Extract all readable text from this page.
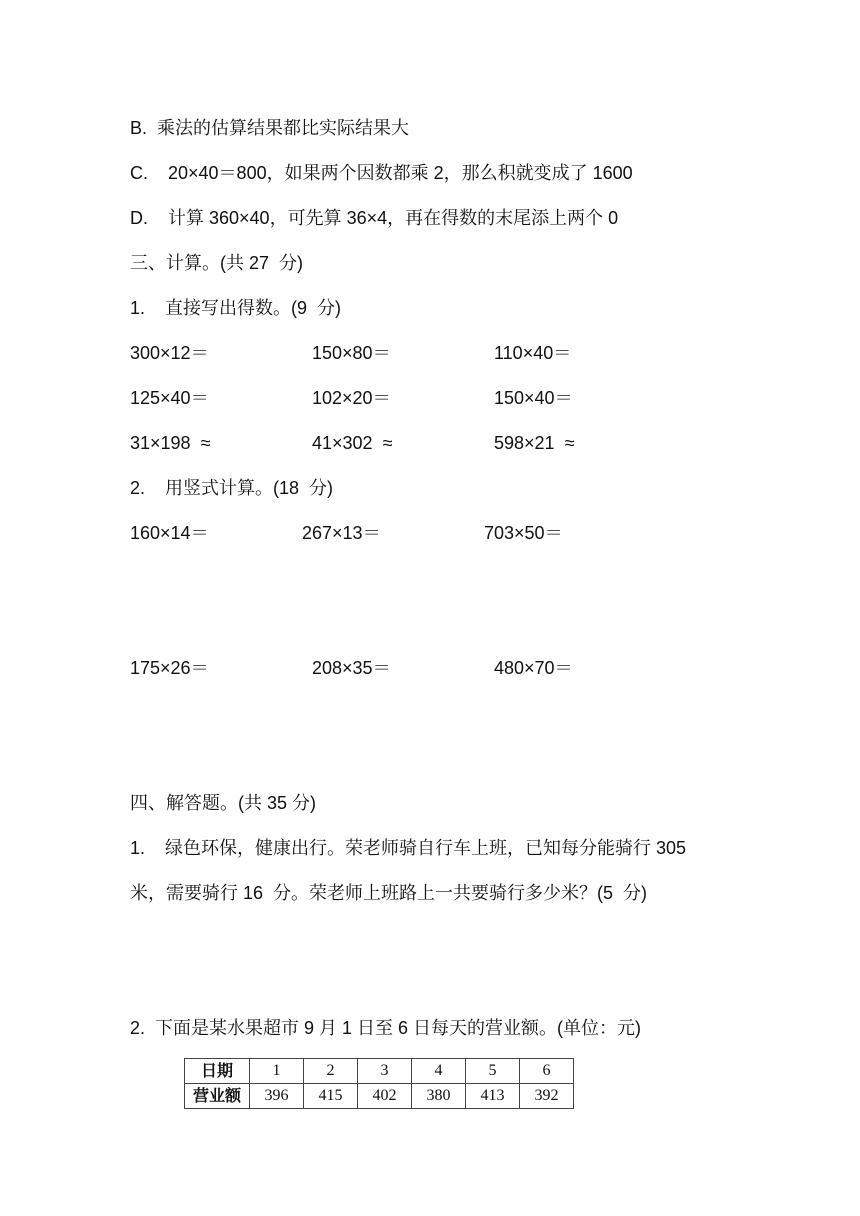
B.  乘法的估算结果都比实际结果大
C.    20×40＝800，如果两个因数都乘 2，那么积就变成了 1600
D.    计算 360×40，可先算 36×4，再在得数的末尾添上两个 0
三、计算。(共 27  分)
1.    直接写出得数。(9  分)
300×12＝	150×80＝	110×40＝
125×40＝	102×20＝	150×40＝
31×198  ≈	41×302  ≈	598×21  ≈
2.    用竖式计算。(18  分)
160×14＝	267×13＝	703×50＝
175×26＝	208×35＝	480×70＝
四、解答题。(共 35 分)
1.    绿色环保，健康出行。荣老师骑自行车上班，已知每分能骑行 305
米，需要骑行 16  分。荣老师上班路上一共要骑行多少米？(5  分)
2.  下面是某水果超市 9 月 1 日至 6 日每天的营业额。(单位：元)
日期	1	2	3	4	5	6
营业额	396	415	402	380	413	392
